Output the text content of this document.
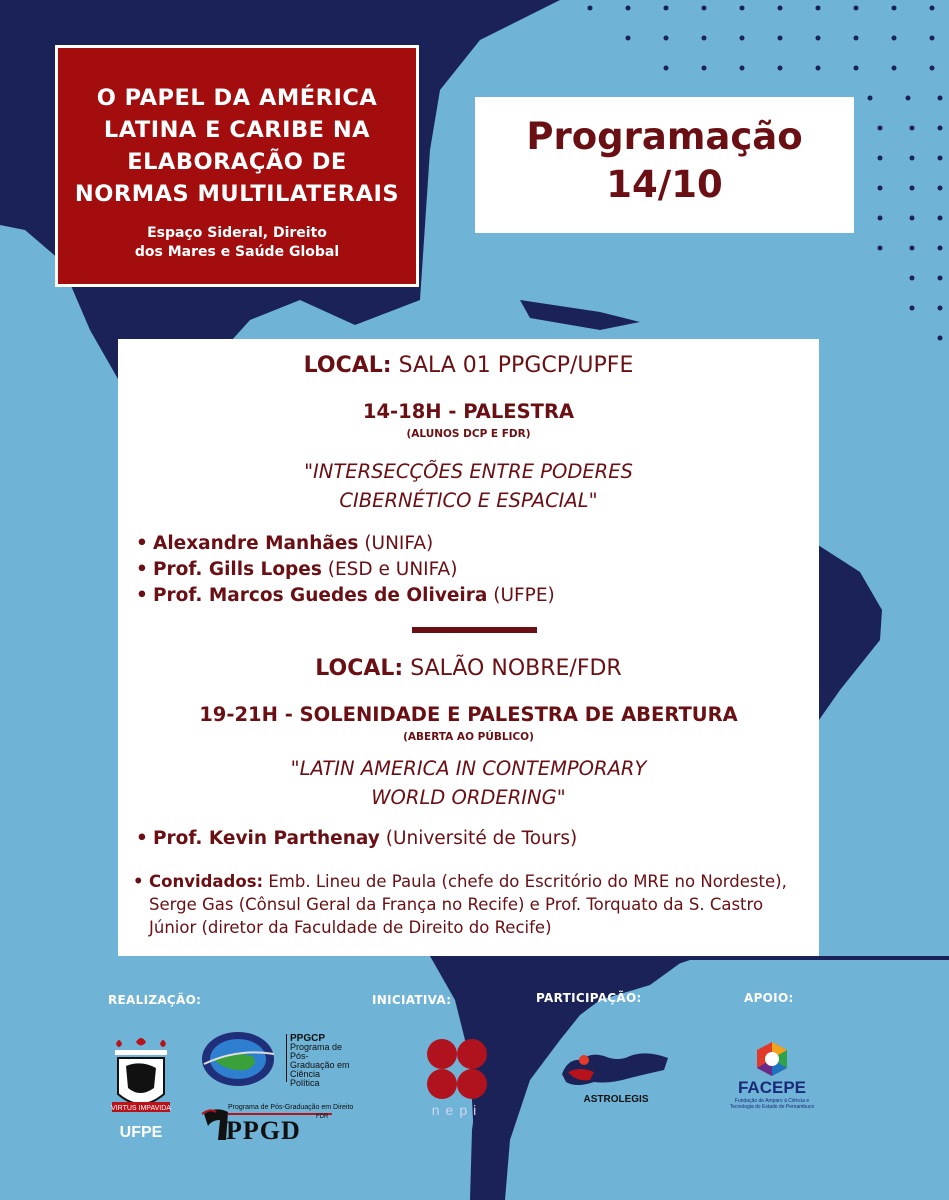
O PAPEL DA AMÉRICA
LATINA E CARIBE NA
ELABORAÇÃO DE
NORMAS MULTILATERAIS
Espaço Sideral, Direito
dos Mares e Saúde Global
Programação
14/10
LOCAL: SALA 01 PPGCP/UPFE
14-18H - PALESTRA
(ALUNOS DCP E FDR)
"INTERSECÇÕES ENTRE PODERES
CIBERNÉTICO E ESPACIAL"
• Alexandre Manhães (UNIFA)
• Prof. Gills Lopes (ESD e UNIFA)
• Prof. Marcos Guedes de Oliveira (UFPE)
LOCAL: SALÃO NOBRE/FDR
19-21H - SOLENIDADE E PALESTRA DE ABERTURA
(ABERTA AO PÚBLICO)
"LATIN AMERICA IN CONTEMPORARY
WORLD ORDERING"
• Prof. Kevin Parthenay (Université de Tours)
• Convidados: Emb. Lineu de Paula (chefe do Escritório do MRE no Nordeste), Serge Gas (Cônsul Geral da França no Recife) e Prof. Torquato da S. Castro Júnior (diretor da Faculdade de Direito do Recife)
REALIZAÇÃO:	INICIATIVA:	PARTICIPAÇÃO:	APOIO:
VIRTUS IMPAVIDA
UFPE
PPGCP
Programa de
Pós-Graduação em
Ciência Política
Programa de Pós-Graduação em Direito
FDR
PPGD
nepi
ASTROLEGIS
FACEPE
Fundação de Amparo à Ciência e
Tecnologia do Estado de Pernambuco
